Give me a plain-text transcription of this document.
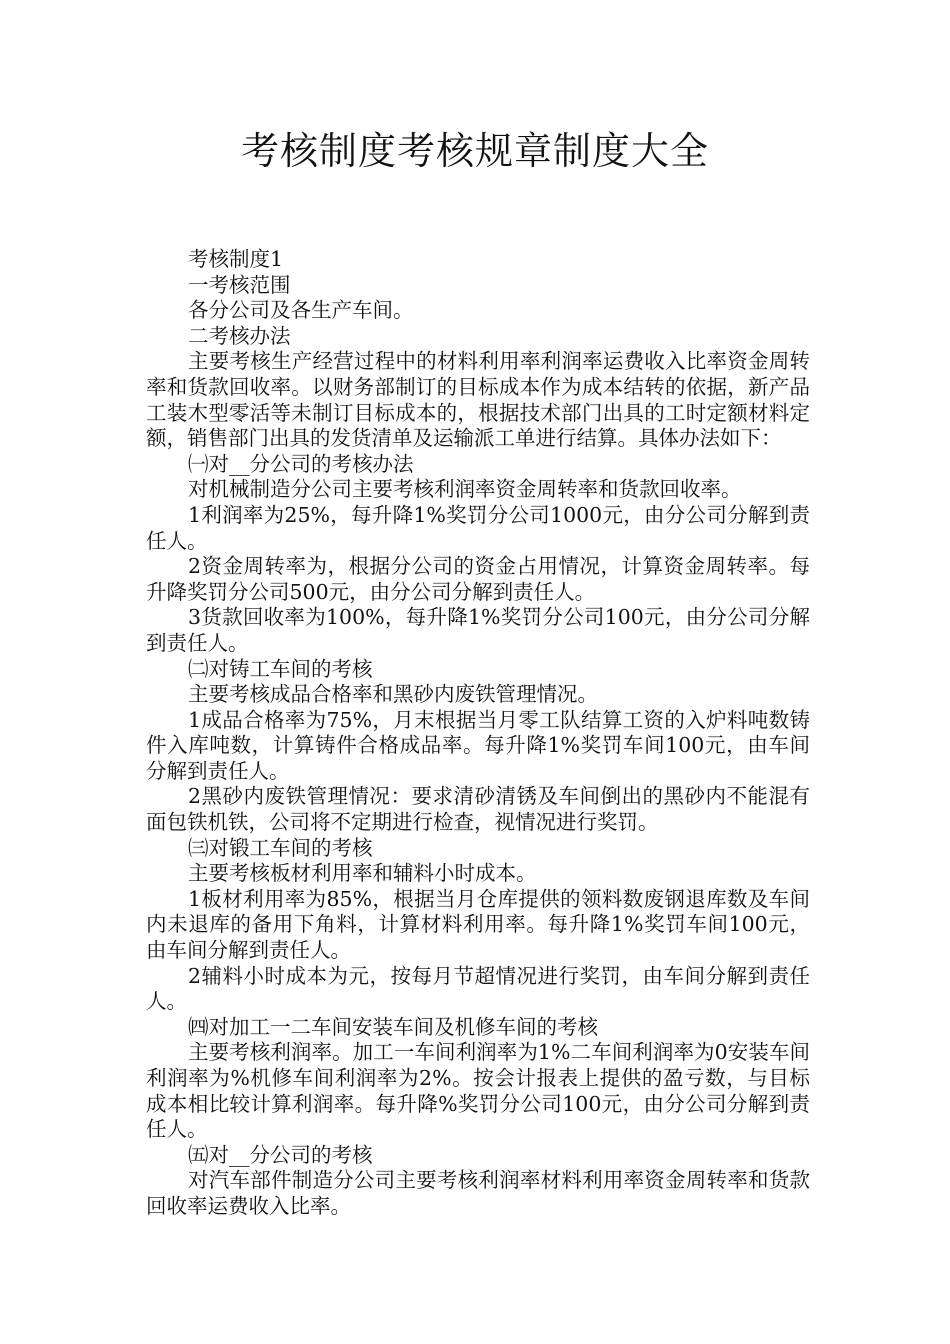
考核制度考核规章制度大全

考核制度1

一考核范围

各分公司及各生产车间。

二考核办法

主要考核生产经营过程中的材料利用率利润率运费收入比率资金周转率和货款回收率。以财务部制订的目标成本作为成本结转的依据，新产品工装木型零活等未制订目标成本的，根据技术部门出具的工时定额材料定额，销售部门出具的发货清单及运输派工单进行结算。具体办法如下：

㈠对__分公司的考核办法

对机械制造分公司主要考核利润率资金周转率和货款回收率。

1利润率为25%，每升降1%奖罚分公司1000元，由分公司分解到责任人。

2资金周转率为，根据分公司的资金占用情况，计算资金周转率。每升降奖罚分公司500元，由分公司分解到责任人。

3货款回收率为100%，每升降1%奖罚分公司100元，由分公司分解到责任人。

㈡对铸工车间的考核

主要考核成品合格率和黑砂内废铁管理情况。

1成品合格率为75%，月末根据当月零工队结算工资的入炉料吨数铸件入库吨数，计算铸件合格成品率。每升降1%奖罚车间100元，由车间分解到责任人。

2黑砂内废铁管理情况：要求清砂清锈及车间倒出的黑砂内不能混有面包铁机铁，公司将不定期进行检查，视情况进行奖罚。

㈢对锻工车间的考核

主要考核板材利用率和辅料小时成本。

1板材利用率为85%，根据当月仓库提供的领料数废钢退库数及车间内未退库的备用下角料，计算材料利用率。每升降1%奖罚车间100元，由车间分解到责任人。

2辅料小时成本为元，按每月节超情况进行奖罚，由车间分解到责任人。

㈣对加工一二车间安装车间及机修车间的考核

主要考核利润率。加工一车间利润率为1%二车间利润率为0安装车间利润率为%机修车间利润率为2%。按会计报表上提供的盈亏数，与目标成本相比较计算利润率。每升降%奖罚分公司100元，由分公司分解到责任人。

㈤对__分公司的考核

对汽车部件制造分公司主要考核利润率材料利用率资金周转率和货款回收率运费收入比率。
